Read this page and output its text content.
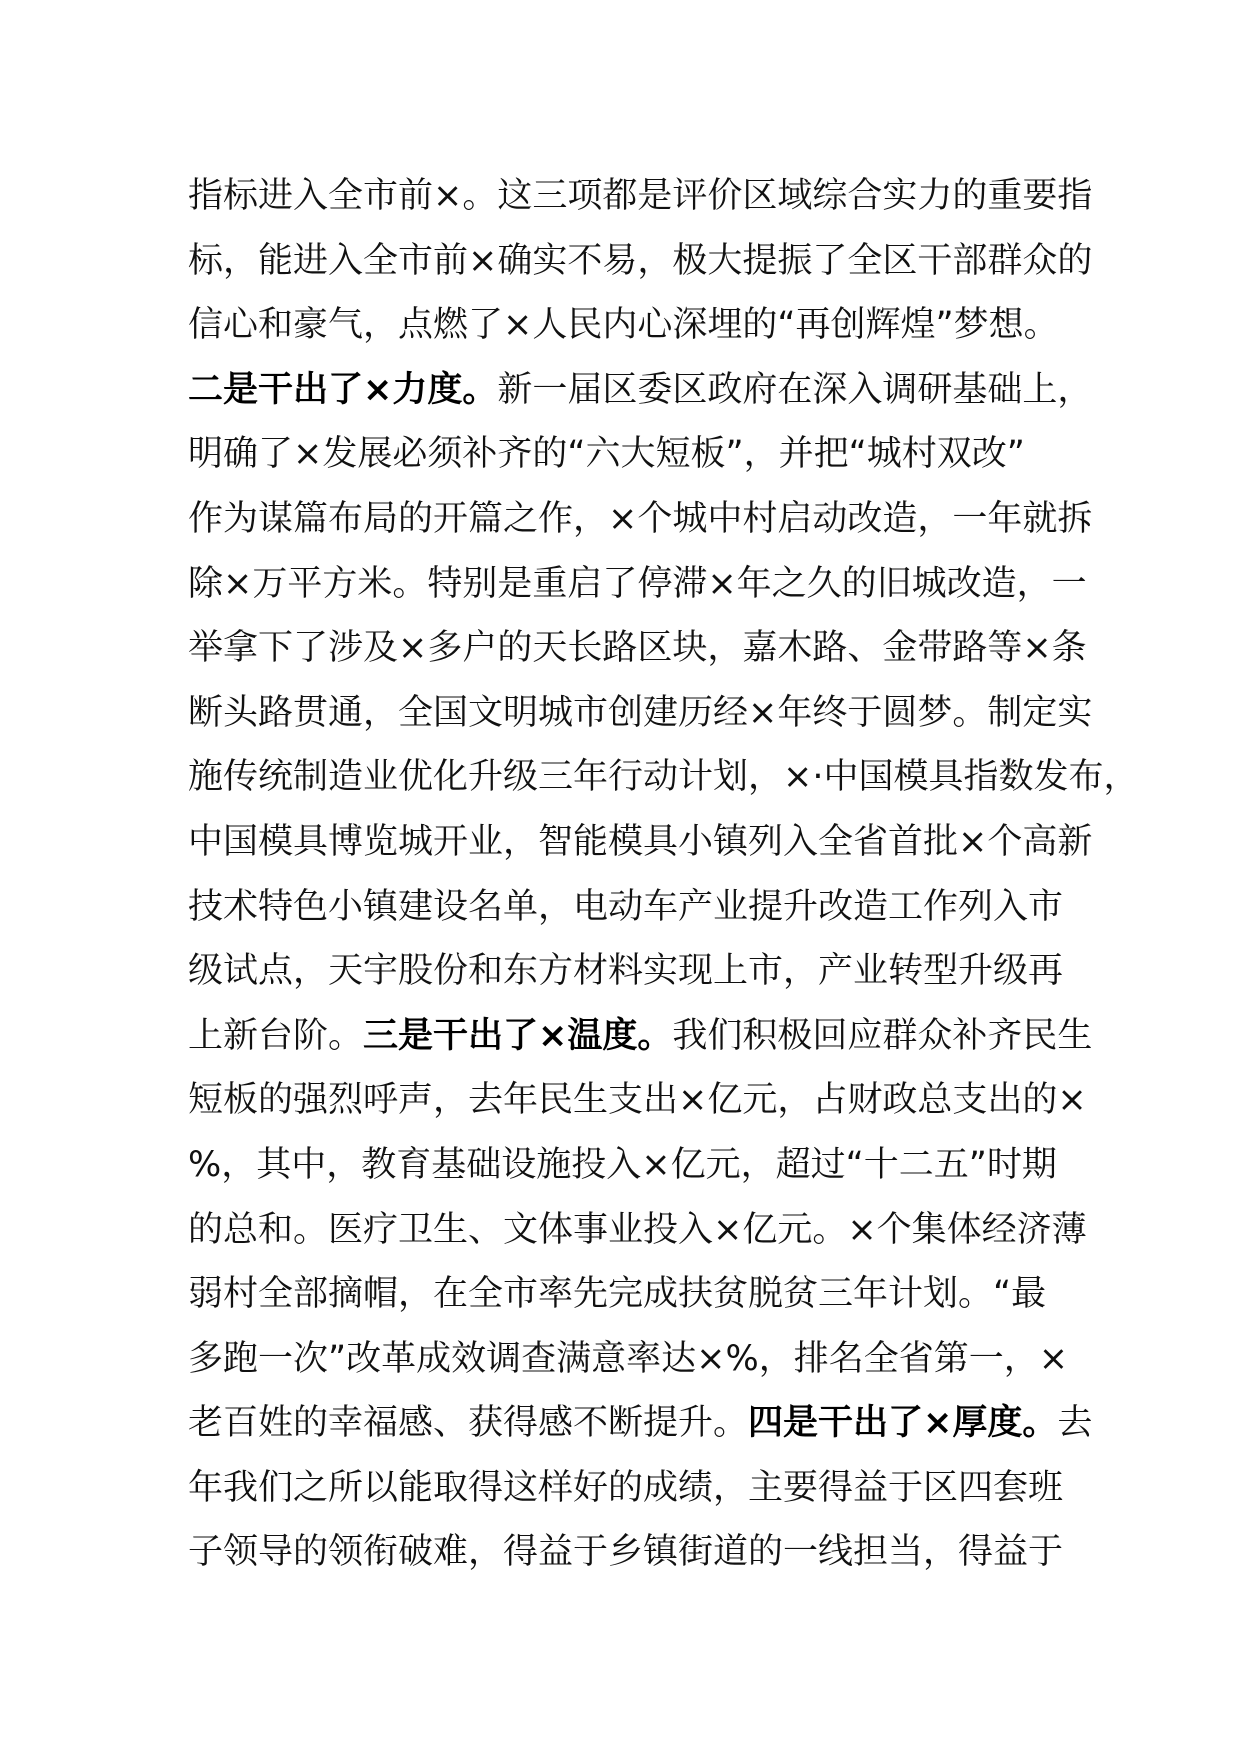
指标进入全市前×。这三项都是评价区域综合实力的重要指
标，能进入全市前×确实不易，极大提振了全区干部群众的
信心和豪气，点燃了×人民内心深埋的“再创辉煌”梦想。
二是干出了×力度。新一届区委区政府在深入调研基础上，
明确了×发展必须补齐的“六大短板”，并把“城村双改”
作为谋篇布局的开篇之作，×个城中村启动改造，一年就拆
除×万平方米。特别是重启了停滞×年之久的旧城改造，一
举拿下了涉及×多户的天长路区块，嘉木路、金带路等×条
断头路贯通，全国文明城市创建历经×年终于圆梦。制定实
施传统制造业优化升级三年行动计划，×·中国模具指数发布，
中国模具博览城开业，智能模具小镇列入全省首批×个高新
技术特色小镇建设名单，电动车产业提升改造工作列入市
级试点，天宇股份和东方材料实现上市，产业转型升级再
上新台阶。三是干出了×温度。我们积极回应群众补齐民生
短板的强烈呼声，去年民生支出×亿元，占财政总支出的×
%，其中，教育基础设施投入×亿元，超过“十二五”时期
的总和。医疗卫生、文体事业投入×亿元。×个集体经济薄
弱村全部摘帽，在全市率先完成扶贫脱贫三年计划。“最
多跑一次”改革成效调查满意率达×%，排名全省第一，×
老百姓的幸福感、获得感不断提升。四是干出了×厚度。去
年我们之所以能取得这样好的成绩，主要得益于区四套班
子领导的领衔破难，得益于乡镇街道的一线担当，得益于
